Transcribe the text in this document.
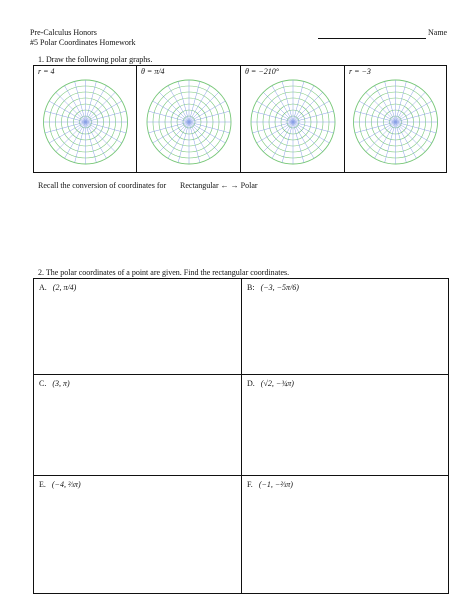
Pre-Calculus Honors
#5 Polar Coordinates Homework
Name
1. Draw the following polar graphs.
r = 4	θ = π/4	θ = −210°	r = −3
Recall the conversion of coordinates for Rectangular ← → Polar
2. The polar coordinates of a point are given. Find the rectangular coordinates.
A. (2, π/4)	B: (−3, −5π/6)
C. (3, π)	D. (√2, −¾π)
E. (−4, ⅔π)	F. (−1, −⅔π)
